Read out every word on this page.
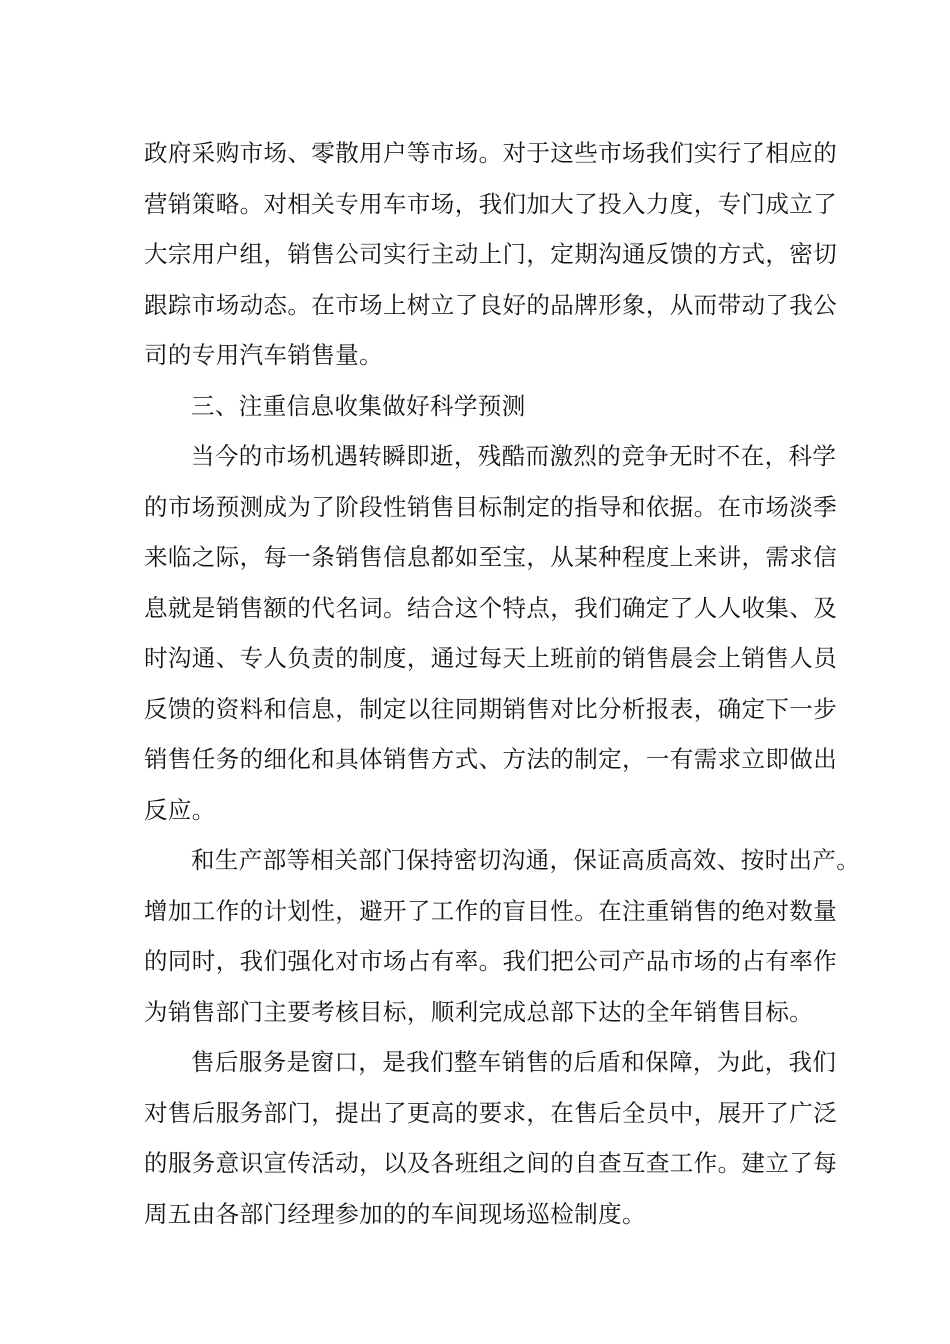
政府采购市场、零散用户等市场。对于这些市场我们实行了相应的
营销策略。对相关专用车市场，我们加大了投入力度，专门成立了
大宗用户组，销售公司实行主动上门，定期沟通反馈的方式，密切
跟踪市场动态。在市场上树立了良好的品牌形象，从而带动了我公
司的专用汽车销售量。
三、注重信息收集做好科学预测
当今的市场机遇转瞬即逝，残酷而激烈的竞争无时不在，科学
的市场预测成为了阶段性销售目标制定的指导和依据。在市场淡季
来临之际，每一条销售信息都如至宝，从某种程度上来讲，需求信
息就是销售额的代名词。结合这个特点，我们确定了人人收集、及
时沟通、专人负责的制度，通过每天上班前的销售晨会上销售人员
反馈的资料和信息，制定以往同期销售对比分析报表，确定下一步
销售任务的细化和具体销售方式、方法的制定，一有需求立即做出
反应。
和生产部等相关部门保持密切沟通，保证高质高效、按时出产。
增加工作的计划性，避开了工作的盲目性。在注重销售的绝对数量
的同时，我们强化对市场占有率。我们把公司产品市场的占有率作
为销售部门主要考核目标，顺利完成总部下达的全年销售目标。
售后服务是窗口，是我们整车销售的后盾和保障，为此，我们
对售后服务部门，提出了更高的要求，在售后全员中，展开了广泛
的服务意识宣传活动，以及各班组之间的自查互查工作。建立了每
周五由各部门经理参加的的车间现场巡检制度。
